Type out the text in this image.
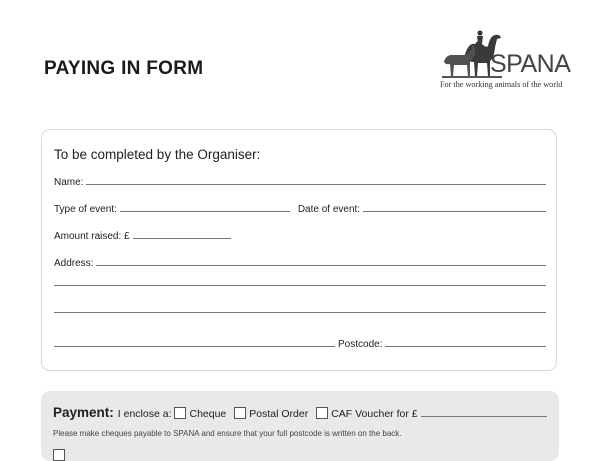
PAYING IN FORM	SPANA
For the working animals of the world
To be completed by the Organiser:
Name:
Type of event:	Date of event:
Amount raised: £
Address:
Postcode:
Payment: I enclose a: Cheque Postal Order CAF Voucher for £
Please make cheques payable to SPANA and ensure that your full postcode is written on the back.
